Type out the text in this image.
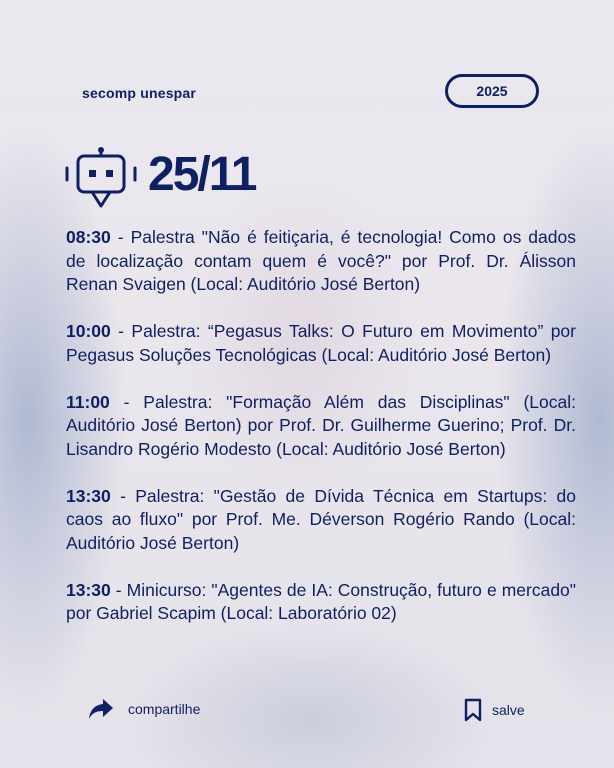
secomp unespar	2025
25/11

08:30 - Palestra "Não é feitiçaria, é tecnologia! Como os dados de localização contam quem é você?" por Prof. Dr. Álisson Renan Svaigen (Local: Auditório José Berton)

10:00 - Palestra: “Pegasus Talks: O Futuro em Movimento” por Pegasus Soluções Tecnológicas (Local: Auditório José Berton)

11:00 - Palestra: "Formação Além das Disciplinas" (Local: Auditório José Berton) por Prof. Dr. Guilherme Guerino; Prof. Dr. Lisandro Rogério Modesto (Local: Auditório José Berton)

13:30 - Palestra: "Gestão de Dívida Técnica em Startups: do caos ao fluxo" por Prof. Me. Déverson Rogério Rando (Local: Auditório José Berton)

13:30 - Minicurso: "Agentes de IA: Construção, futuro e mercado" por Gabriel Scapim (Local: Laboratório 02)

compartilhe	salve
